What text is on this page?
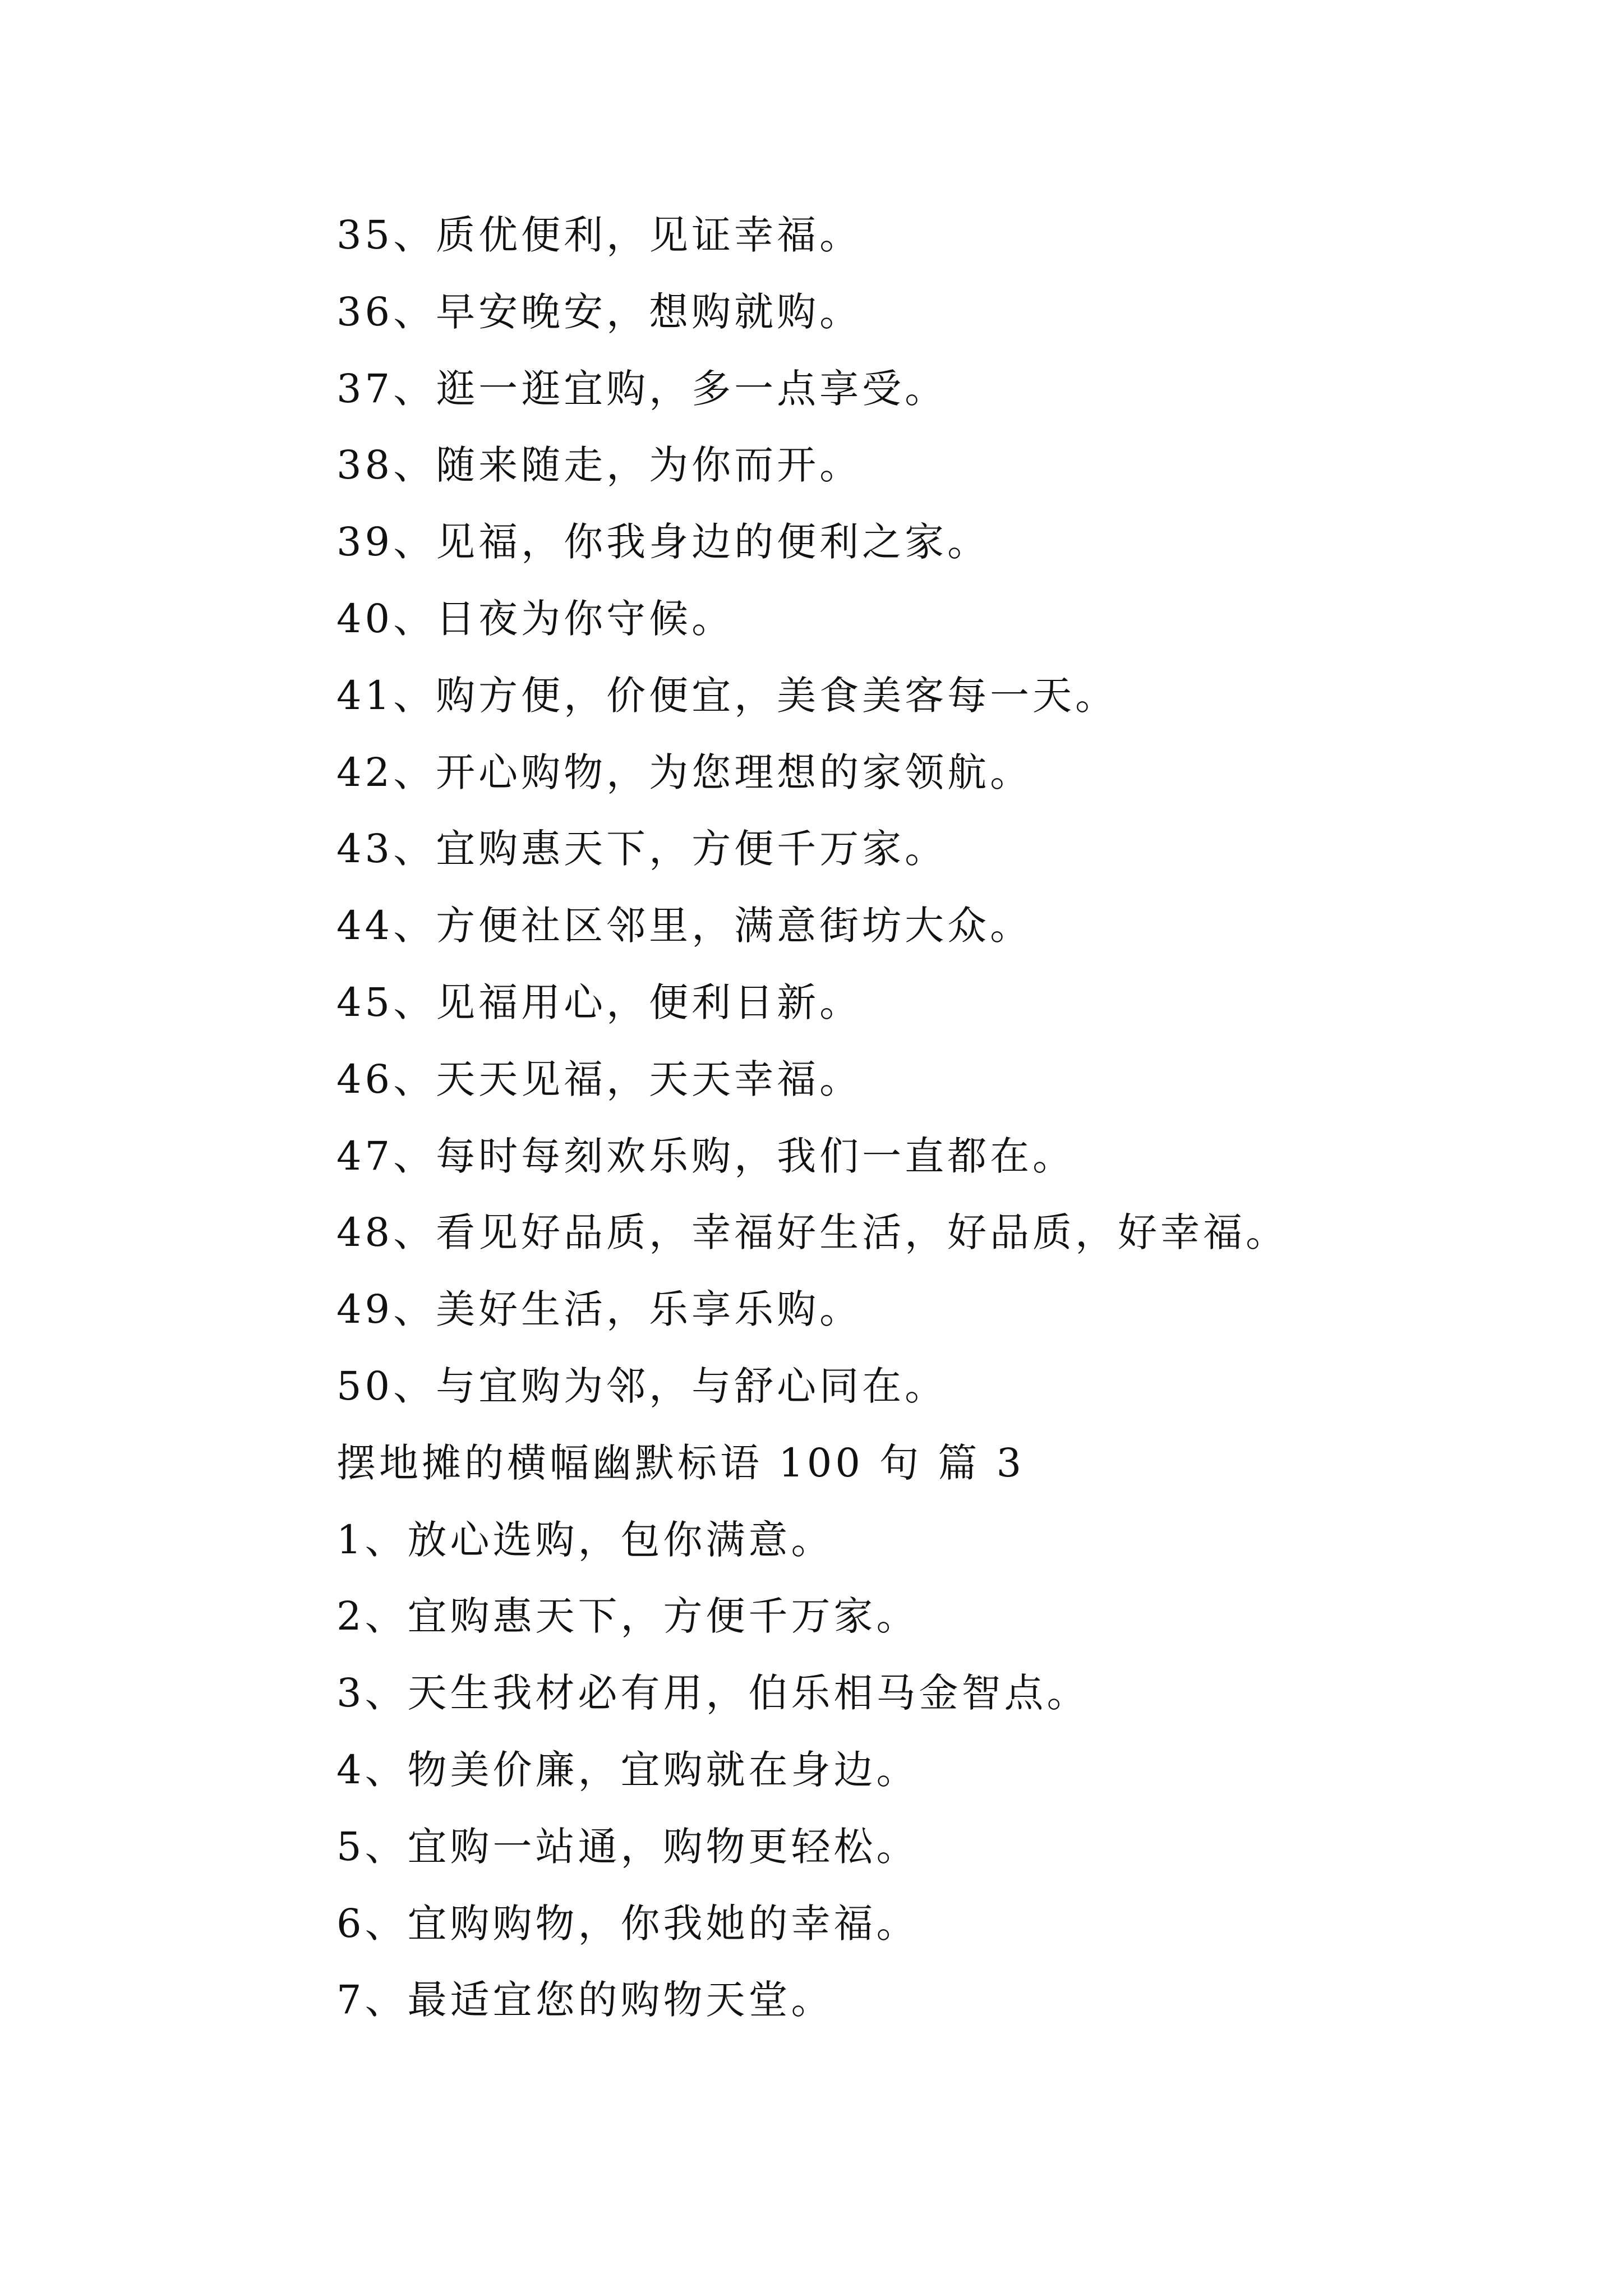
35、质优便利，见证幸福。
36、早安晚安，想购就购。
37、逛一逛宜购，多一点享受。
38、随来随走，为你而开。
39、见福，你我身边的便利之家。
40、日夜为你守候。
41、购方便，价便宜，美食美客每一天。
42、开心购物，为您理想的家领航。
43、宜购惠天下，方便千万家。
44、方便社区邻里，满意街坊大众。
45、见福用心，便利日新。
46、天天见福，天天幸福。
47、每时每刻欢乐购，我们一直都在。
48、看见好品质，幸福好生活，好品质，好幸福。
49、美好生活，乐享乐购。
50、与宜购为邻，与舒心同在。
摆地摊的横幅幽默标语 100 句 篇 3
1、放心选购，包你满意。
2、宜购惠天下，方便千万家。
3、天生我材必有用，伯乐相马金智点。
4、物美价廉，宜购就在身边。
5、宜购一站通，购物更轻松。
6、宜购购物，你我她的幸福。
7、最适宜您的购物天堂。
